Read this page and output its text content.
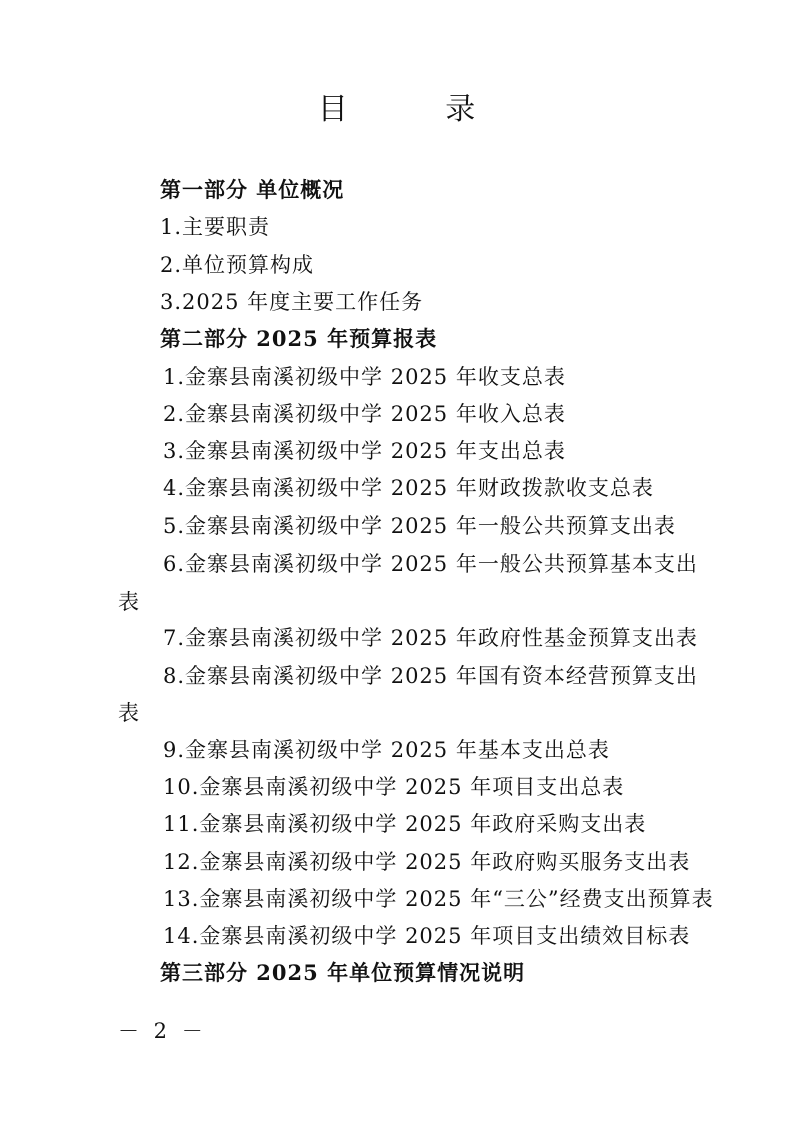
目 录
第一部分 单位概况
1.主要职责
2.单位预算构成
3.2025 年度主要工作任务
第二部分 2025 年预算报表
1.金寨县南溪初级中学 2025 年收支总表
2.金寨县南溪初级中学 2025 年收入总表
3.金寨县南溪初级中学 2025 年支出总表
4.金寨县南溪初级中学 2025 年财政拨款收支总表
5.金寨县南溪初级中学 2025 年一般公共预算支出表
6.金寨县南溪初级中学 2025 年一般公共预算基本支出
表
7.金寨县南溪初级中学 2025 年政府性基金预算支出表
8.金寨县南溪初级中学 2025 年国有资本经营预算支出
表
9.金寨县南溪初级中学 2025 年基本支出总表
10.金寨县南溪初级中学 2025 年项目支出总表
11.金寨县南溪初级中学 2025 年政府采购支出表
12.金寨县南溪初级中学 2025 年政府购买服务支出表
13.金寨县南溪初级中学 2025 年“三公”经费支出预算表
14.金寨县南溪初级中学 2025 年项目支出绩效目标表
第三部分 2025 年单位预算情况说明
－ 2 －
